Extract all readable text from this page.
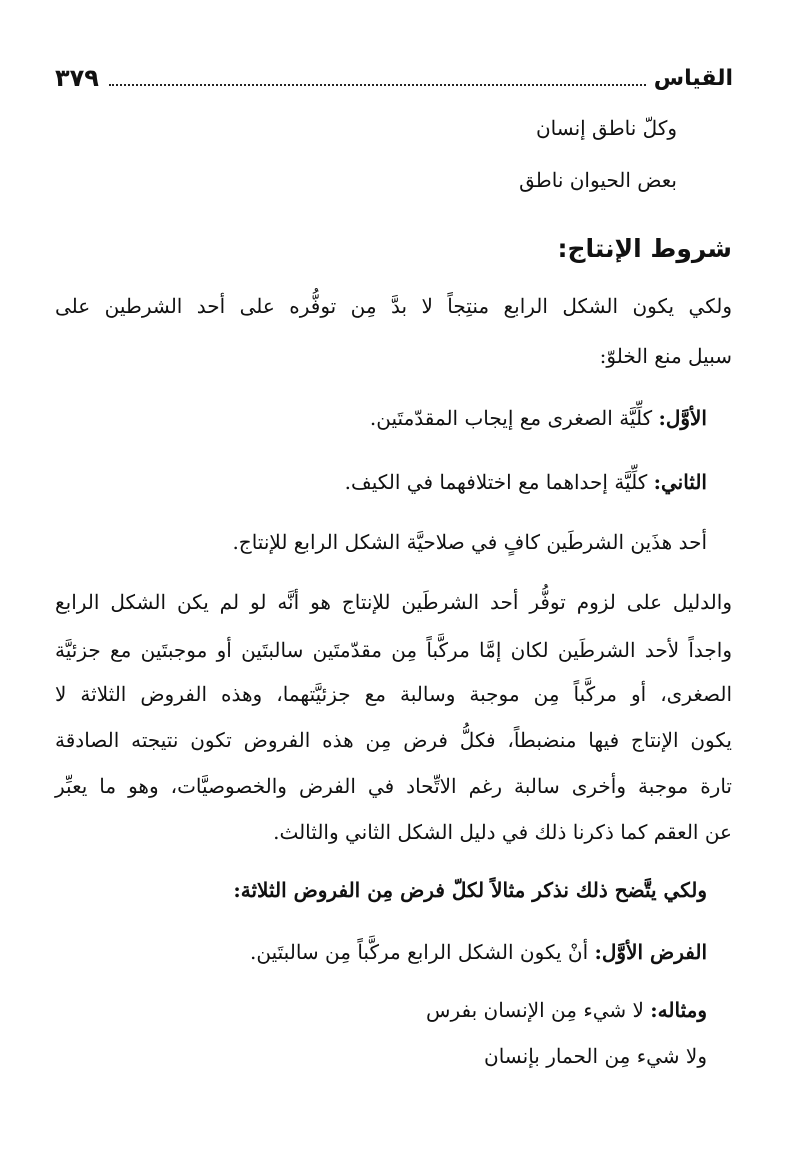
٣٧٩	القياس
وكلّ ناطق إنسان
بعض الحيوان ناطق
شروط الإنتاج:
ولكي يكون الشكل الرابع منتِجاً لا بدَّ مِن توفُّره على أحد الشرطين على
سبيل منع الخلوّ:
الأوَّل: كلِّيَّة الصغرى مع إيجاب المقدّمتَين.
الثاني: كلِّيَّة إحداهما مع اختلافهما في الكيف.
أحد هذَين الشرطَين كافٍ في صلاحيَّة الشكل الرابع للإنتاج.
والدليل على لزوم توفُّر أحد الشرطَين للإنتاج هو أنَّه لو لم يكن الشكل الرابع
واجداً لأحد الشرطَين لكان إمَّا مركَّباً مِن مقدّمتَين سالبتَين أو موجبتَين مع جزئيَّة
الصغرى، أو مركَّباً مِن موجبة وسالبة مع جزئيَّتهما، وهذه الفروض الثلاثة لا
يكون الإنتاج فيها منضبطاً، فكلُّ فرض مِن هذه الفروض تكون نتيجته الصادقة
تارة موجبة وأخرى سالبة رغم الاتِّحاد في الفرض والخصوصيَّات، وهو ما يعبِّر
عن العقم كما ذكرنا ذلك في دليل الشكل الثاني والثالث.
ولكي يتَّضح ذلك نذكر مثالاً لكلّ فرض مِن الفروض الثلاثة:
الفرض الأوَّل: أنْ يكون الشكل الرابع مركَّباً مِن سالبتَين.
ومثاله: لا شيء مِن الإنسان بفرس
ولا شيء مِن الحمار بإنسان
